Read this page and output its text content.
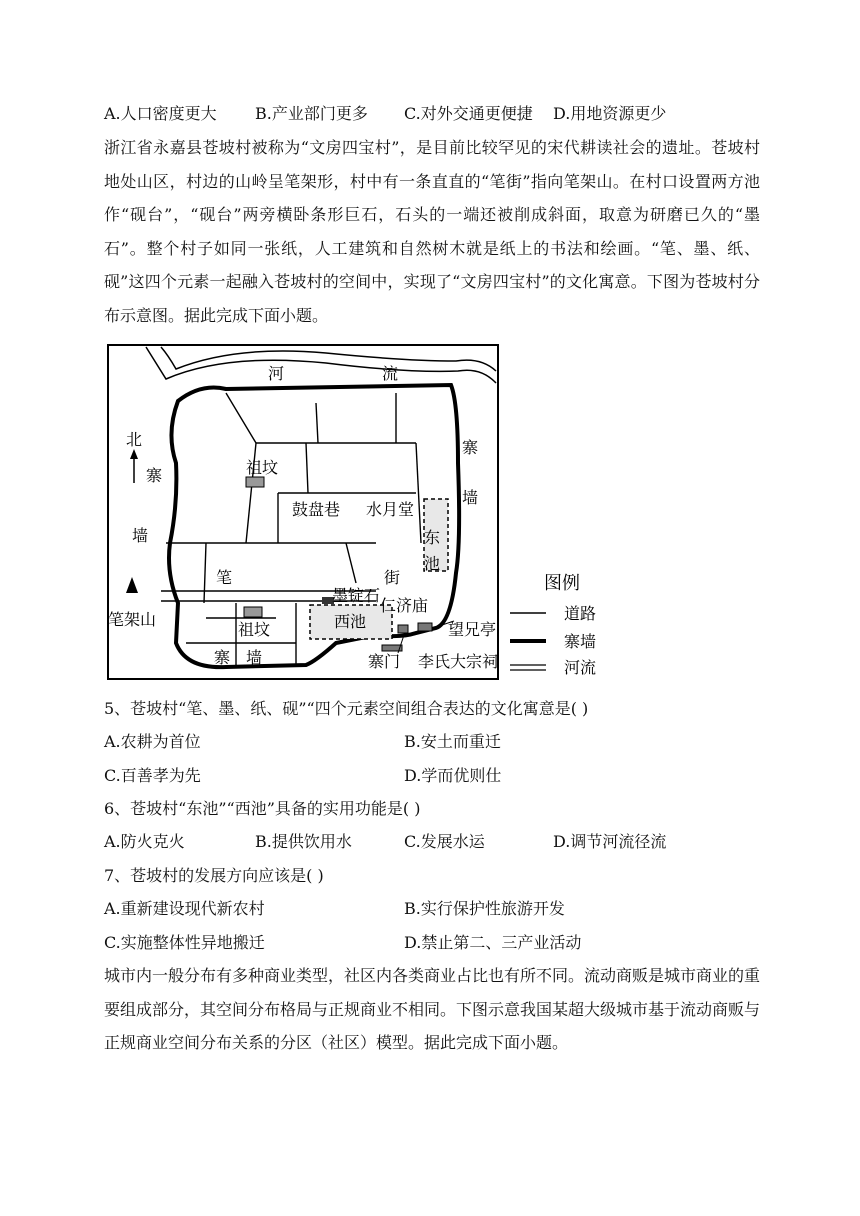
A.人口密度更大 B.产业部门更多 C.对外交通更便捷 D.用地资源更少
浙江省永嘉县苍坡村被称为“文房四宝村”，是目前比较罕见的宋代耕读社会的遗址。苍坡村地处山区，村边的山岭呈笔架形，村中有一条直直的“笔街”指向笔架山。在村口设置两方池作“砚台”，“砚台”两旁横卧条形巨石，石头的一端还被削成斜面，取意为研磨已久的“墨石”。整个村子如同一张纸，人工建筑和自然树木就是纸上的书法和绘画。“笔、墨、纸、砚”这四个元素一起融入苍坡村的空间中，实现了“文房四宝村”的文化寓意。下图为苍坡村分布示意图。据此完成下面小题。
河	流
北
寨
墙
寨
墙
寨 墙
祖坟
祖坟
鼓盘巷 水月堂
东
池
笔	街
墨锭石
仁济庙
西池	望兄亭
寨门 李氏大宗祠
笔架山
图例
道路
寨墙
河流
5、苍坡村“笔、墨、纸、砚”“四个元素空间组合表达的文化寓意是( )
A.农耕为首位	B.安土而重迁
C.百善孝为先	D.学而优则仕
6、苍坡村“东池”“西池”具备的实用功能是( )
A.防火克火	B.提供饮用水	C.发展水运	D.调节河流径流
7、苍坡村的发展方向应该是( )
A.重新建设现代新农村	B.实行保护性旅游开发
C.实施整体性异地搬迁	D.禁止第二、三产业活动
城市内一般分布有多种商业类型，社区内各类商业占比也有所不同。流动商贩是城市商业的重要组成部分，其空间分布格局与正规商业不相同。下图示意我国某超大级城市基于流动商贩与正规商业空间分布关系的分区（社区）模型。据此完成下面小题。
